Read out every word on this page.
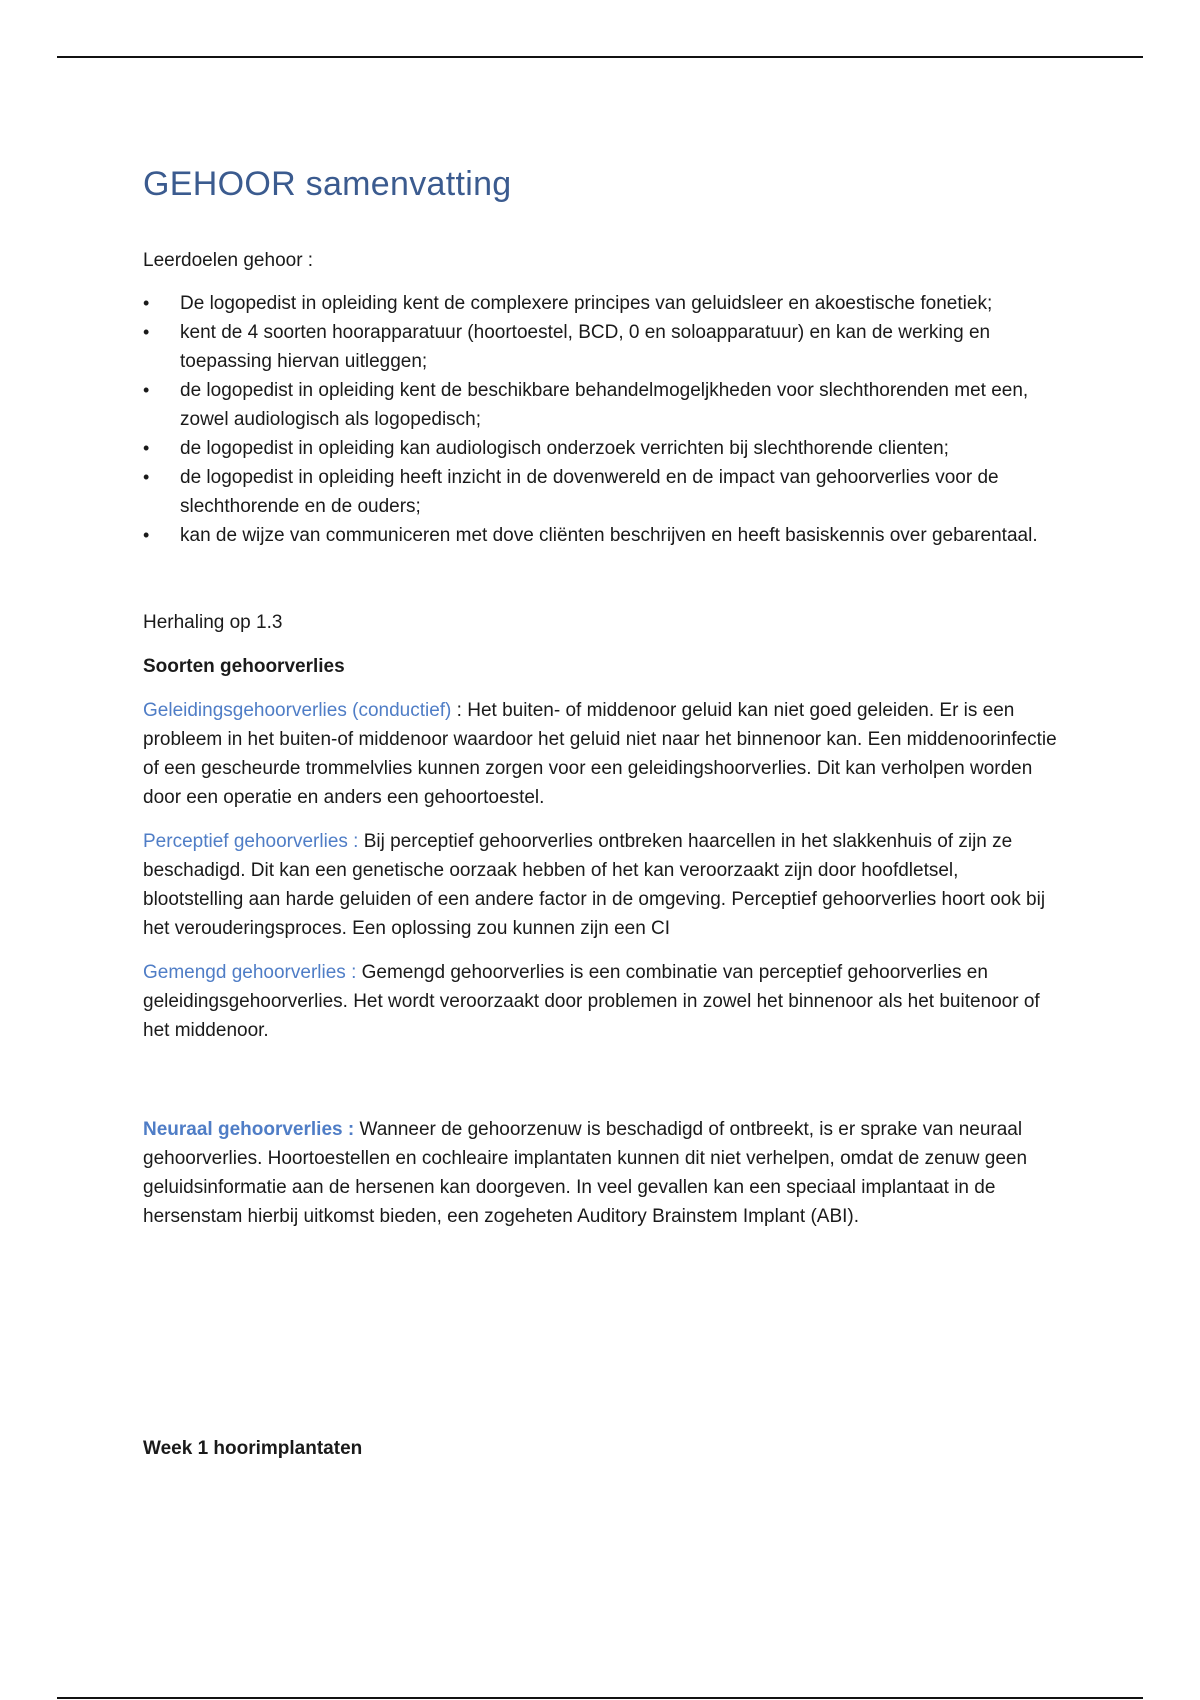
GEHOOR samenvatting

Leerdoelen gehoor :

•	De logopedist in opleiding kent de complexere principes van geluidsleer en akoestische fonetiek;
•	kent de 4 soorten hoorapparatuur (hoortoestel, BCD, 0 en soloapparatuur) en kan de werking en toepassing hiervan uitleggen;
•	de logopedist in opleiding kent de beschikbare behandelmogeljkheden voor slechthorenden met een, zowel audiologisch als logopedisch;
•	de logopedist in opleiding kan audiologisch onderzoek verrichten bij slechthorende clienten;
•	de logopedist in opleiding heeft inzicht in de dovenwereld en de impact van gehoorverlies voor de slechthorende en de ouders;
•	kan de wijze van communiceren met dove cliënten beschrijven en heeft basiskennis over gebarentaal.

Herhaling op 1.3

Soorten gehoorverlies

Geleidingsgehoorverlies (conductief) : Het buiten- of middenoor geluid kan niet goed geleiden. Er is een probleem in het buiten-of middenoor waardoor het geluid niet naar het binnenoor kan. Een middenoorinfectie of een gescheurde trommelvlies kunnen zorgen voor een geleidingshoorverlies. Dit kan verholpen worden door een operatie en anders een gehoortoestel.

Perceptief gehoorverlies : Bij perceptief gehoorverlies ontbreken haarcellen in het slakkenhuis of zijn ze beschadigd. Dit kan een genetische oorzaak hebben of het kan veroorzaakt zijn door hoofdletsel, blootstelling aan harde geluiden of een andere factor in de omgeving. Perceptief gehoorverlies hoort ook bij het verouderingsproces. Een oplossing zou kunnen zijn een CI

Gemengd gehoorverlies : Gemengd gehoorverlies is een combinatie van perceptief gehoorverlies en geleidingsgehoorverlies. Het wordt veroorzaakt door problemen in zowel het binnenoor als het buitenoor of het middenoor.

Neuraal gehoorverlies : Wanneer de gehoorzenuw is beschadigd of ontbreekt, is er sprake van neuraal gehoorverlies. Hoortoestellen en cochleaire implantaten kunnen dit niet verhelpen, omdat de zenuw geen geluidsinformatie aan de hersenen kan doorgeven. In veel gevallen kan een speciaal implantaat in de hersenstam hierbij uitkomst bieden, een zogeheten Auditory Brainstem Implant (ABI).

Week 1 hoorimplantaten
